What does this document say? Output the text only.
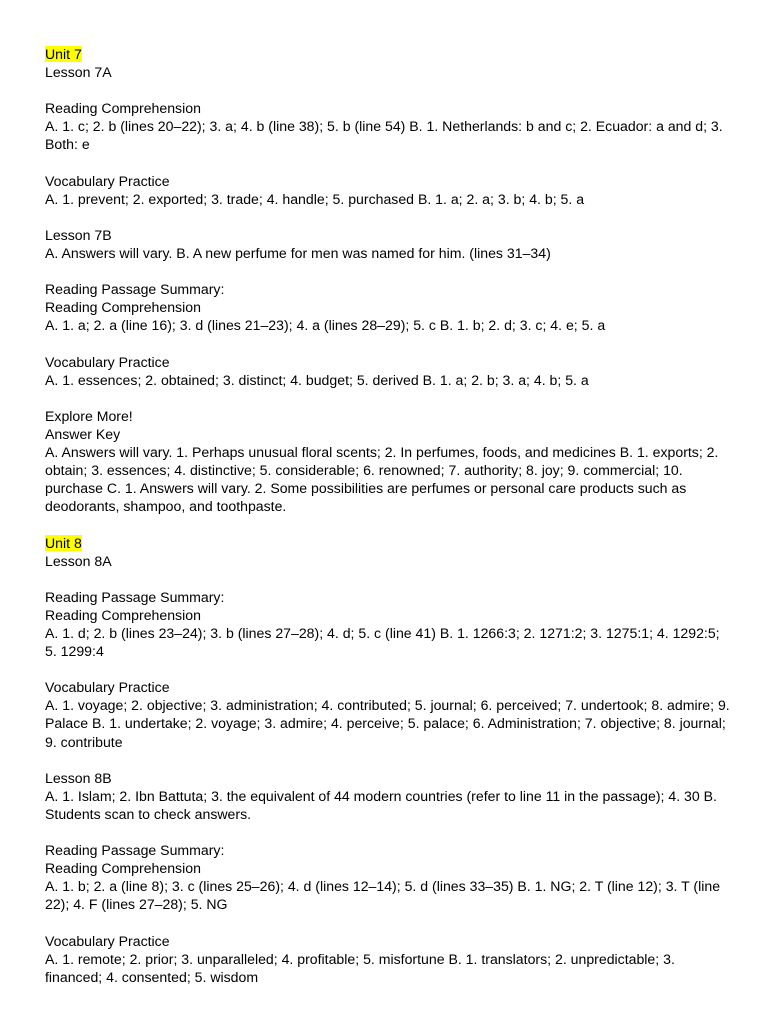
Unit 7

Lesson 7A

Reading Comprehension

A. 1. c; 2. b (lines 20–22); 3. a; 4. b (line 38); 5. b (line 54) B. 1. Netherlands: b and c; 2. Ecuador: a and d; 3. Both: e

Vocabulary Practice

A. 1. prevent; 2. exported; 3. trade; 4. handle; 5. purchased B. 1. a; 2. a; 3. b; 4. b; 5. a

Lesson 7B

A. Answers will vary. B. A new perfume for men was named for him. (lines 31–34)

Reading Passage Summary:

Reading Comprehension

A. 1. a; 2. a (line 16); 3. d (lines 21–23); 4. a (lines 28–29); 5. c B. 1. b; 2. d; 3. c; 4. e; 5. a

Vocabulary Practice

A. 1. essences; 2. obtained; 3. distinct; 4. budget; 5. derived B. 1. a; 2. b; 3. a; 4. b; 5. a

Explore More!

Answer Key

A. Answers will vary. 1. Perhaps unusual floral scents; 2. In perfumes, foods, and medicines B. 1. exports; 2. obtain; 3. essences; 4. distinctive; 5. considerable; 6. renowned; 7. authority; 8. joy; 9. commercial; 10. purchase C. 1. Answers will vary. 2. Some possibilities are perfumes or personal care products such as deodorants, shampoo, and toothpaste.

Unit 8

Lesson 8A

Reading Passage Summary:

Reading Comprehension

A. 1. d; 2. b (lines 23–24); 3. b (lines 27–28); 4. d; 5. c (line 41) B. 1. 1266:3; 2. 1271:2; 3. 1275:1; 4. 1292:5; 5. 1299:4

Vocabulary Practice

A. 1. voyage; 2. objective; 3. administration; 4. contributed; 5. journal; 6. perceived; 7. undertook; 8. admire; 9. Palace B. 1. undertake; 2. voyage; 3. admire; 4. perceive; 5. palace; 6. Administration; 7. objective; 8. journal; 9. contribute

Lesson 8B

A. 1. Islam; 2. Ibn Battuta; 3. the equivalent of 44 modern countries (refer to line 11 in the passage); 4. 30 B. Students scan to check answers.

Reading Passage Summary:

Reading Comprehension

A. 1. b; 2. a (line 8); 3. c (lines 25–26); 4. d (lines 12–14); 5. d (lines 33–35) B. 1. NG; 2. T (line 12); 3. T (line 22); 4. F (lines 27–28); 5. NG

Vocabulary Practice

A. 1. remote; 2. prior; 3. unparalleled; 4. profitable; 5. misfortune B. 1. translators; 2. unpredictable; 3. financed; 4. consented; 5. wisdom
